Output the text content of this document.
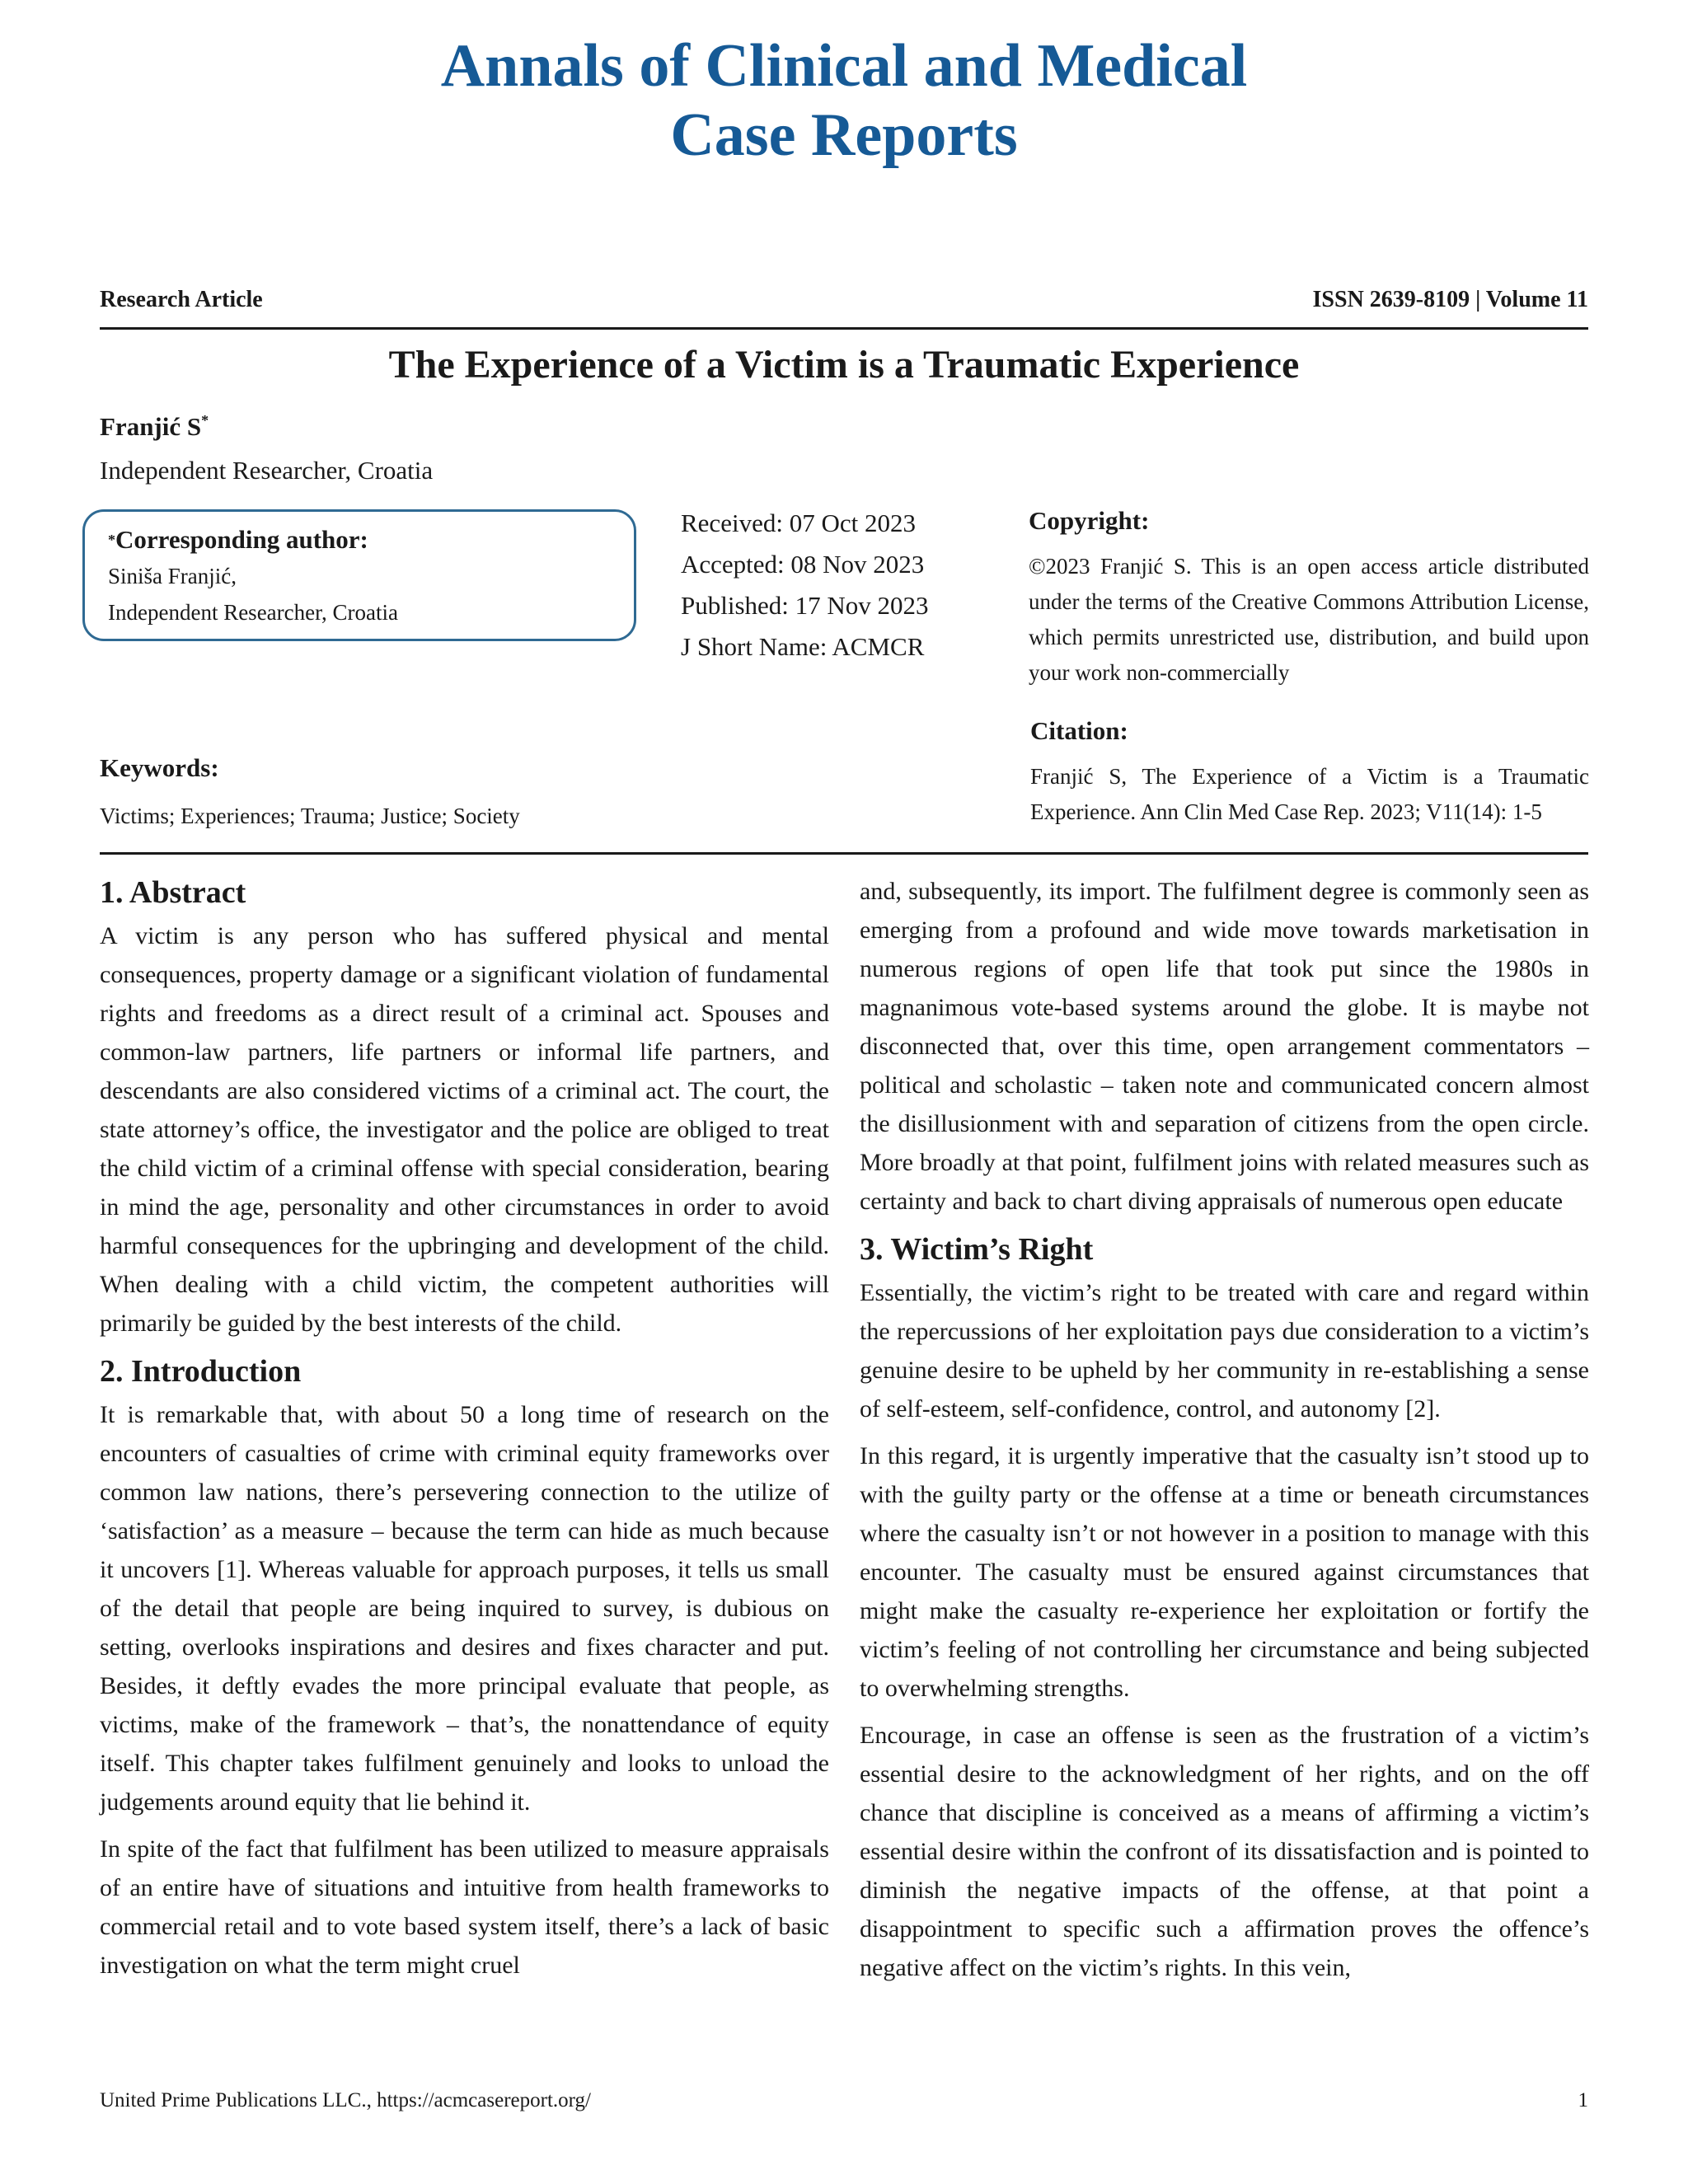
Annals of Clinical and Medical
Case Reports
Research Article	ISSN 2639-8109 | Volume 11
The Experience of a Victim is a Traumatic Experience
Franjić S*
Independent Researcher, Croatia
*Corresponding author:
Siniša Franjić,
Independent Researcher, Croatia
Received: 07 Oct 2023
Accepted: 08 Nov 2023
Published: 17 Nov 2023
J Short Name: ACMCR
Copyright:
©2023 Franjić S. This is an open access article distributed under the terms of the Creative Commons Attribution License, which permits unrestricted use, distribution, and build upon your work non-commercially
Citation:
Franjić S, The Experience of a Victim is a Traumatic Experience. Ann Clin Med Case Rep. 2023; V11(14): 1-5
Keywords:
Victims; Experiences; Trauma; Justice; Society
1. Abstract

A victim is any person who has suffered physical and mental consequences, property damage or a significant violation of fundamental rights and freedoms as a direct result of a criminal act. Spouses and common-law partners, life partners or informal life partners, and descendants are also considered victims of a criminal act. The court, the state attorney’s office, the investigator and the police are obliged to treat the child victim of a criminal offense with special consideration, bearing in mind the age, personality and other circumstances in order to avoid harmful consequences for the upbringing and development of the child. When dealing with a child victim, the competent authorities will primarily be guided by the best interests of the child.

2. Introduction

It is remarkable that, with about 50 a long time of research on the encounters of casualties of crime with criminal equity frameworks over common law nations, there’s persevering connection to the utilize of ‘satisfaction’ as a measure – because the term can hide as much because it uncovers [1]. Whereas valuable for approach purposes, it tells us small of the detail that people are being inquired to survey, is dubious on setting, overlooks inspirations and desires and fixes character and put. Besides, it deftly evades the more principal evaluate that people, as victims, make of the framework – that’s, the nonattendance of equity itself. This chapter takes fulfilment genuinely and looks to unload the judgements around equity that lie behind it.

In spite of the fact that fulfilment has been utilized to measure appraisals of an entire have of situations and intuitive from health frameworks to commercial retail and to vote based system itself, there’s a lack of basic investigation on what the term might cruel

and, subsequently, its import. The fulfilment degree is commonly seen as emerging from a profound and wide move towards marketisation in numerous regions of open life that took put since the 1980s in magnanimous vote-based systems around the globe. It is maybe not disconnected that, over this time, open arrangement commentators – political and scholastic – taken note and communicated concern almost the disillusionment with and separation of citizens from the open circle. More broadly at that point, fulfilment joins with related measures such as certainty and back to chart diving appraisals of numerous open educate

3. Wictim’s Right

Essentially, the victim’s right to be treated with care and regard within the repercussions of her exploitation pays due consideration to a victim’s genuine desire to be upheld by her community in re-establishing a sense of self-esteem, self-confidence, control, and autonomy [2].

In this regard, it is urgently imperative that the casualty isn’t stood up to with the guilty party or the offense at a time or beneath circumstances where the casualty isn’t or not however in a position to manage with this encounter. The casualty must be ensured against circumstances that might make the casualty re-experience her exploitation or fortify the victim’s feeling of not controlling her circumstance and being subjected to overwhelming strengths.

Encourage, in case an offense is seen as the frustration of a victim’s essential desire to the acknowledgment of her rights, and on the off chance that discipline is conceived as a means of affirming a victim’s essential desire within the confront of its dissatisfaction and is pointed to diminish the negative impacts of the offense, at that point a disappointment to specific such a affirmation proves the offence’s negative affect on the victim’s rights. In this vein,

United Prime Publications LLC., https://acmcasereport.org/	1
